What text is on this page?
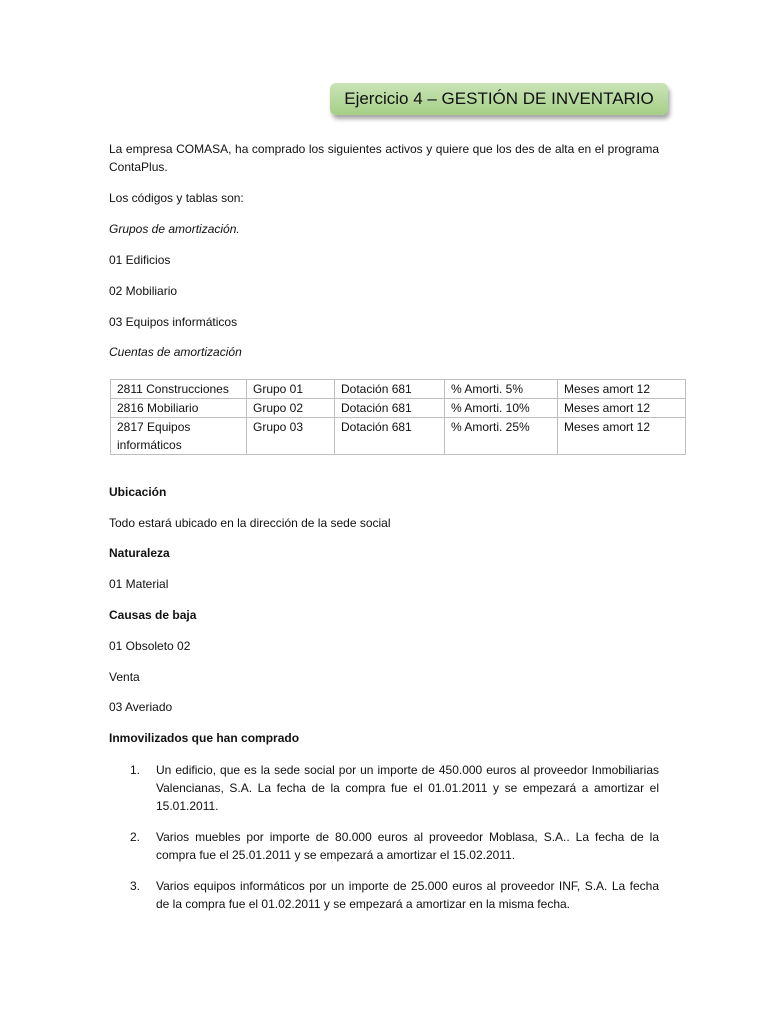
Ejercicio 4 – GESTIÓN DE INVENTARIO
La empresa COMASA, ha comprado los siguientes activos y quiere que los des de alta en el programa ContaPlus.
Los códigos y tablas son:
Grupos de amortización.
01 Edificios
02 Mobiliario
03 Equipos informáticos
Cuentas de amortización
2811 Construcciones	Grupo 01	Dotación 681	% Amorti. 5%	Meses amort 12
2816 Mobiliario	Grupo 02	Dotación 681	% Amorti. 10%	Meses amort 12
2817 Equipos informáticos	Grupo 03	Dotación 681	% Amorti. 25%	Meses amort 12
Ubicación
Todo estará ubicado en la dirección de la sede social
Naturaleza
01 Material
Causas de baja
01 Obsoleto 02
Venta
03 Averiado
Inmovilizados que han comprado
1. Un edificio, que es la sede social por un importe de 450.000 euros al proveedor Inmobiliarias Valencianas, S.A. La fecha de la compra fue el 01.01.2011 y se empezará a amortizar el 15.01.2011.
2. Varios muebles por importe de 80.000 euros al proveedor Moblasa, S.A.. La fecha de la compra fue el 25.01.2011 y se empezará a amortizar el 15.02.2011.
3. Varios equipos informáticos por un importe de 25.000 euros al proveedor INF, S.A. La fecha de la compra fue el 01.02.2011 y se empezará a amortizar en la misma fecha.
